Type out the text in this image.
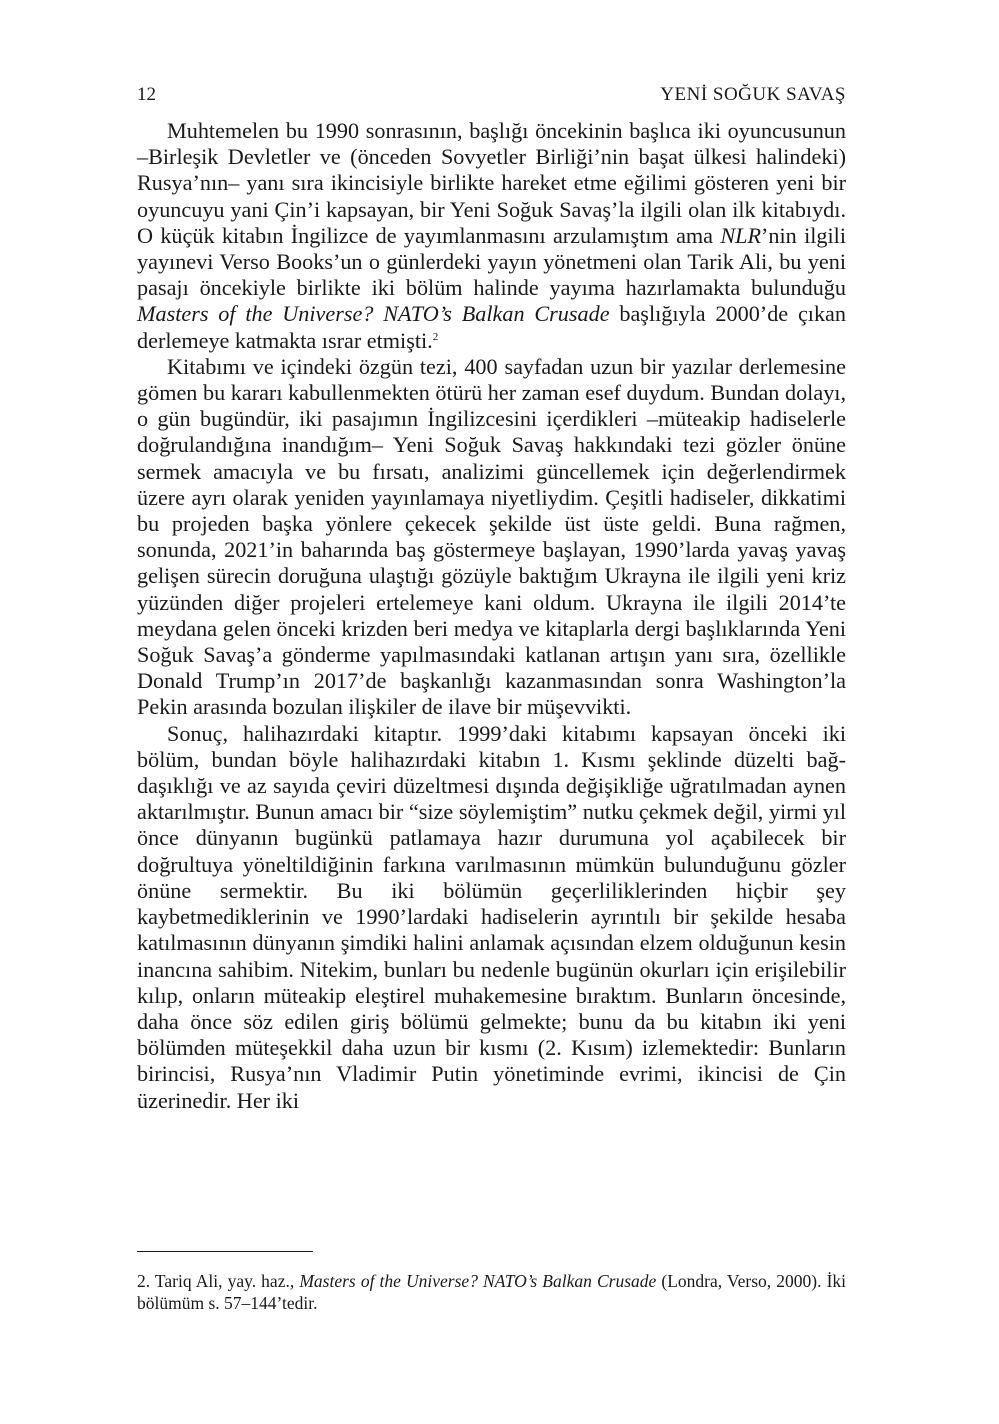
12	YENİ SOĞUK SAVAŞ

Muhtemelen bu 1990 sonrasının, başlığı öncekinin başlıca iki oyuncusunun –Birleşik Devletler ve (önceden Sovyetler Birliği’nin başat ülkesi halindeki) Rusya’nın– yanı sıra ikincisiyle birlikte hareket etme eğilimi gösteren yeni bir oyuncuyu yani Çin’i kapsayan, bir Yeni Soğuk Savaş’la ilgili olan ilk kitabıydı. O küçük kitabın İngilizce de yayımlanmasını arzulamıştım ama NLR’nin ilgili yayınevi Verso Books’un o günlerdeki yayın yönetmeni olan Tarik Ali, bu yeni pasajı öncekiyle birlikte iki bölüm halinde yayıma hazırlamakta bulunduğu Masters of the Universe? NATO’s Balkan Crusade başlığıyla 2000’de çıkan derlemeye katmakta ısrar etmişti.$^2$

Kitabımı ve içindeki özgün tezi, 400 sayfadan uzun bir yazılar derlemesine gömen bu kararı kabullenmekten ötürü her zaman esef duydum. Bundan dolayı, o gün bugündür, iki pasajımın İngilizcesini içerdikleri –müteakip hadiselerle doğrulandığına inandığım– Yeni Soğuk Savaş hakkındaki tezi gözler önüne sermek amacıyla ve bu fırsatı, analizimi güncellemek için değerlendirmek üzere ayrı olarak yeniden yayınlamaya niyetliydim. Çeşitli hadiseler, dikkatimi bu projeden başka yönlere çekecek şekilde üst üste geldi. Buna rağmen, sonunda, 2021’in baharında baş göstermeye başlayan, 1990’larda yavaş yavaş gelişen sürecin doruğuna ulaştığı gözüyle baktığım Ukrayna ile ilgili yeni kriz yüzünden diğer projeleri ertelemeye kani oldum. Ukrayna ile ilgili 2014’te meydana gelen önceki krizden beri medya ve kitaplarla dergi başlıklarında Yeni Soğuk Savaş’a gönderme yapılmasındaki katlanan artışın yanı sıra, özellikle Donald Trump’ın 2017’de başkanlığı kazanmasından sonra Washington’la Pekin arasında bozulan ilişkiler de ilave bir müşevvikti.

Sonuç, halihazırdaki kitaptır. 1999’daki kitabımı kapsayan önceki iki bölüm, bundan böyle halihazırdaki kitabın 1. Kısmı şeklinde düzelti bağdaşıklığı ve az sayıda çeviri düzeltmesi dışında değişikliğe uğratılmadan aynen aktarılmıştır. Bunun amacı bir “size söylemiştim” nutku çekmek değil, yirmi yıl önce dünyanın bugünkü patlamaya hazır durumuna yol açabilecek bir doğrultuya yöneltildiğinin farkına varılmasının mümkün bulunduğunu gözler önüne sermektir. Bu iki bölümün geçerliliklerinden hiçbir şey kaybetmediklerinin ve 1990’lardaki hadiselerin ayrıntılı bir şekilde hesaba katılmasının dünyanın şimdiki halini anlamak açısından elzem olduğunun kesin inancına sahibim. Nitekim, bunları bu nedenle bugünün okurları için erişilebilir kılıp, onların müteakip eleştirel muhakemesine bıraktım. Bunların öncesinde, daha önce söz edilen giriş bölümü gelmekte; bunu da bu kitabın iki yeni bölümden müteşekkil daha uzun bir kısmı (2. Kısım) izlemektedir: Bunların birincisi, Rusya’nın Vladimir Putin yönetiminde evrimi, ikincisi de Çin üzerinedir. Her iki

2. Tariq Ali, yay. haz., Masters of the Universe? NATO’s Balkan Crusade (Londra, Verso, 2000). İki bölümüm s. 57–144’tedir.
